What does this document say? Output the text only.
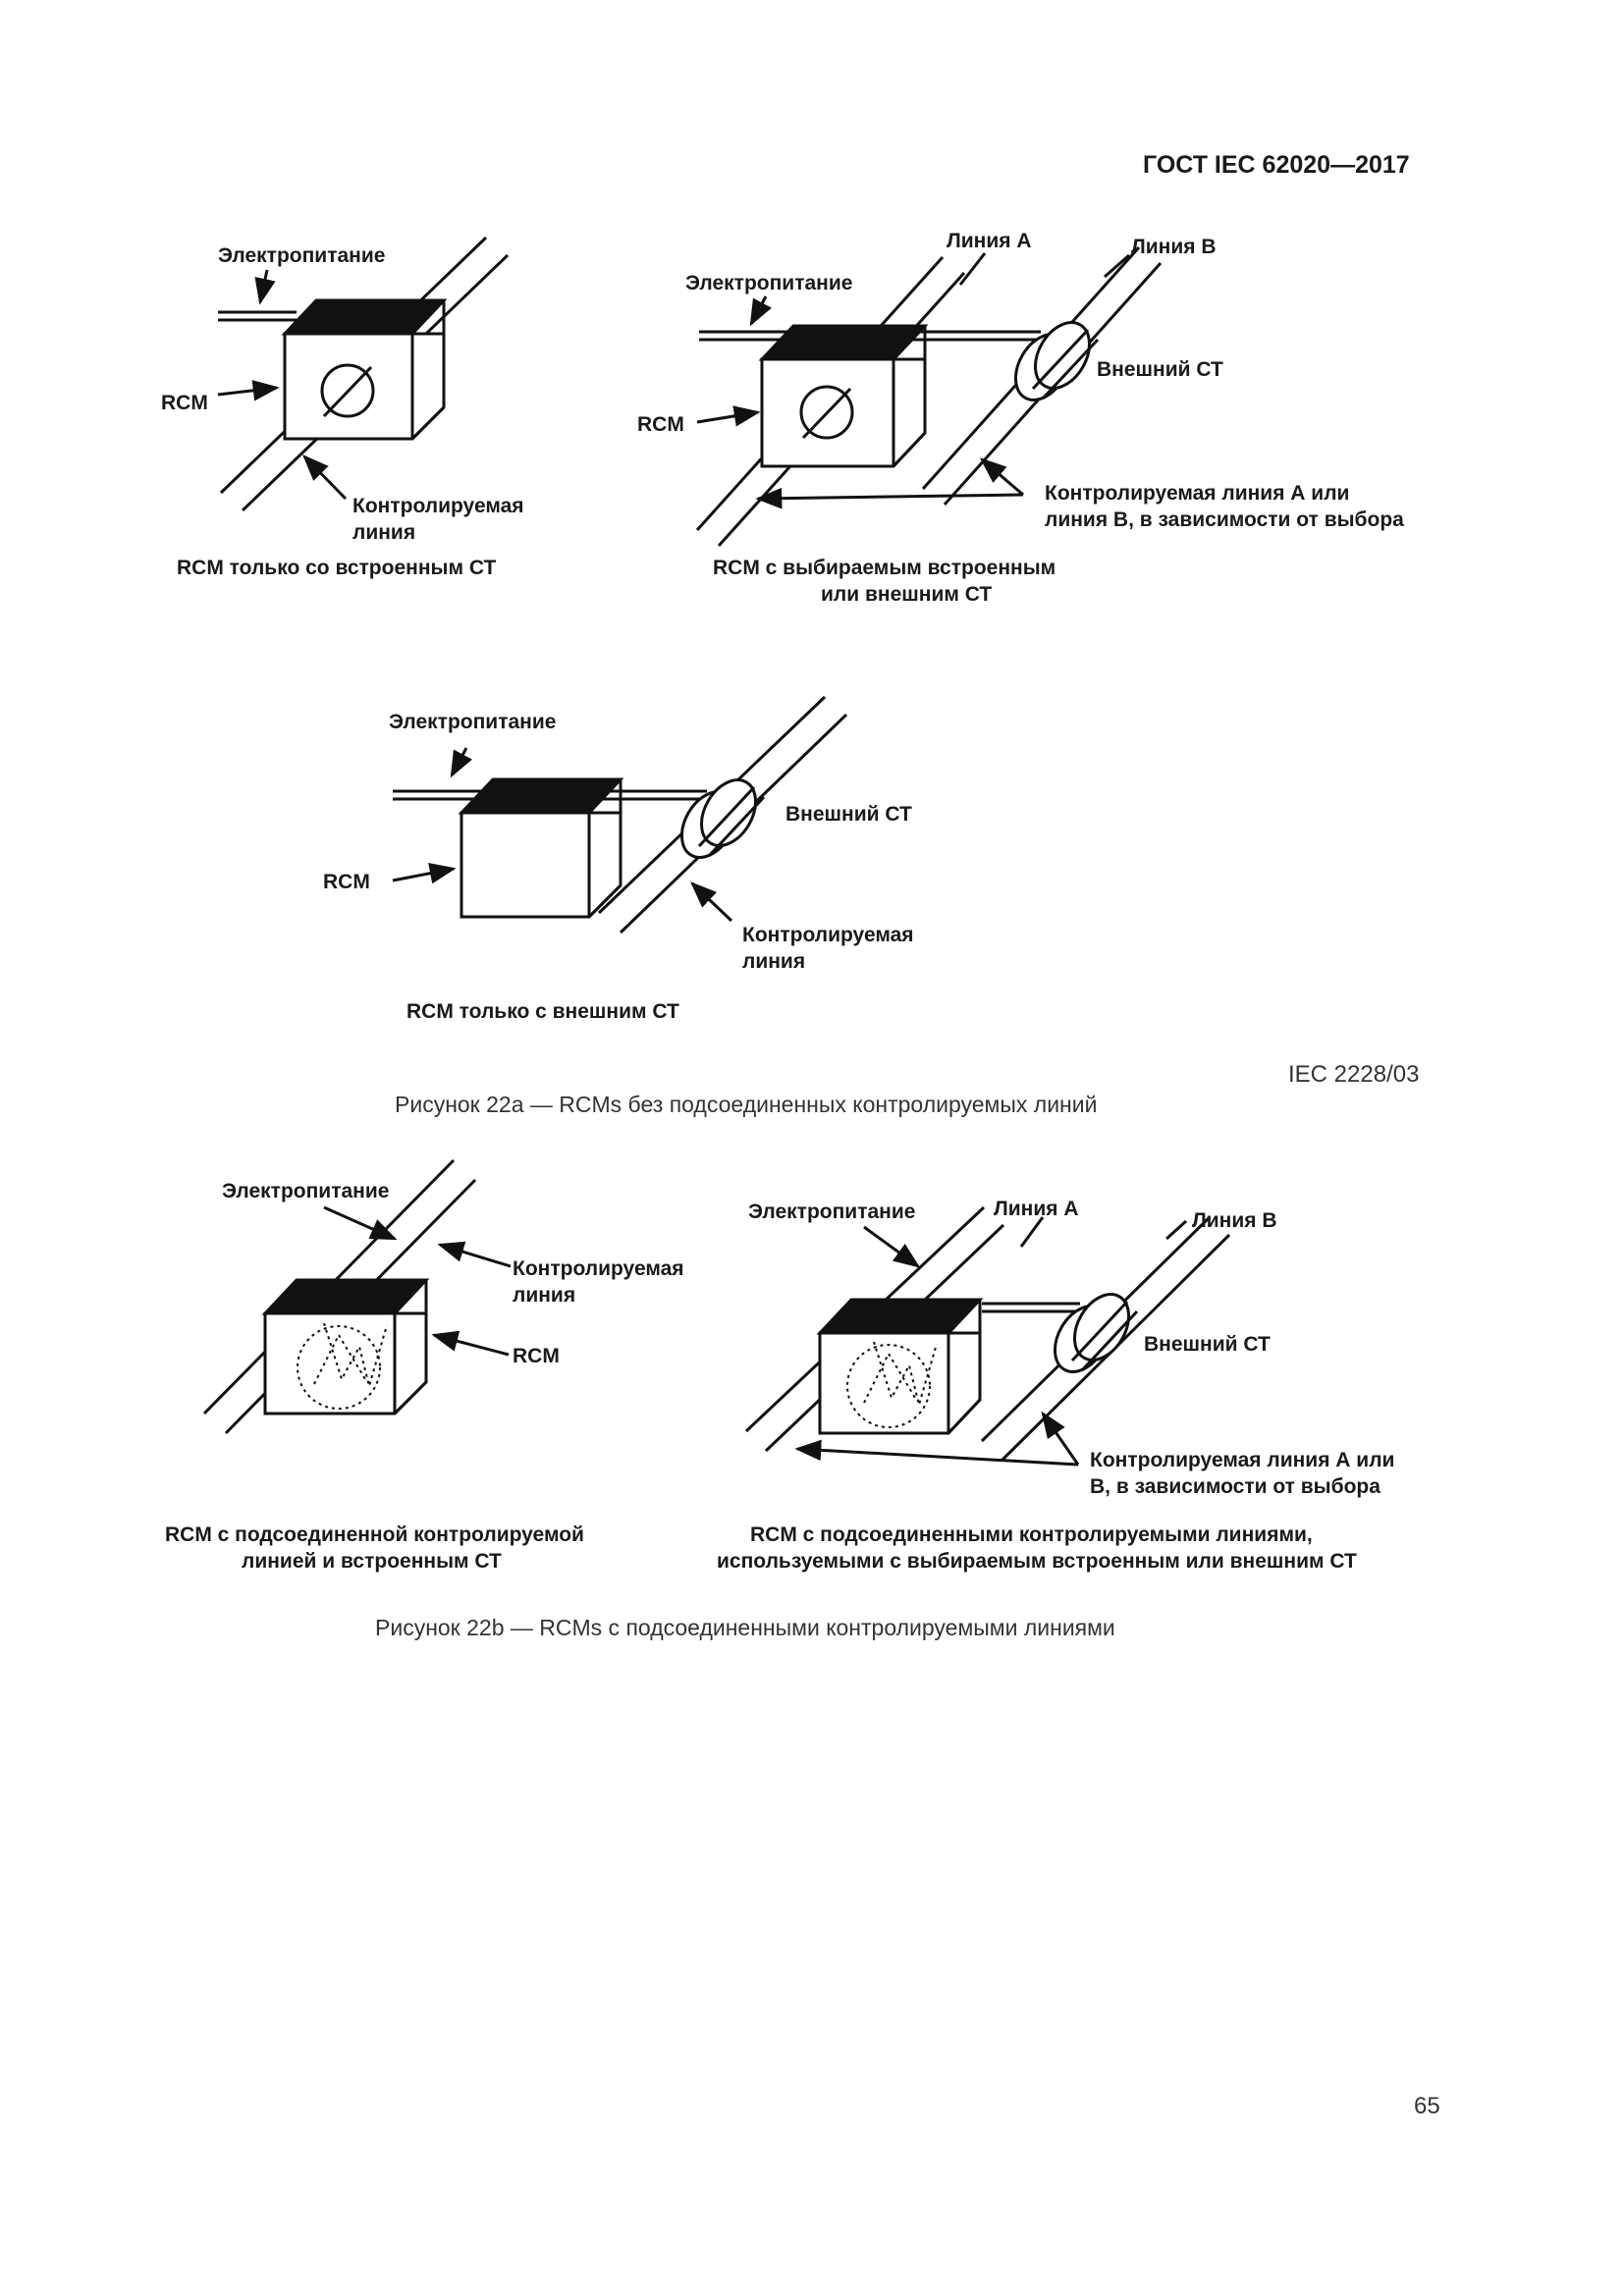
ГОСТ IEC 62020—2017
Электропитание
RCM
Контролируемая
линия
RCM только со встроенным СТ
Линия А	Линия В
Электропитание
Внешний СТ
RCM
Контролируемая линия А или
линия В, в зависимости от выбора
RCM с выбираемым встроенным
или внешним СТ
Электропитание
Внешний СТ
RCM
Контролируемая
линия
RCM только с внешним СТ
IEC 2228/03
Рисунок 22а — RCMs без подсоединенных контролируемых линий
Электропитание
Контролируемая
линия
RCM
RCM с подсоединенной контролируемой
линией и встроенным СТ
Электропитание	Линия А
Линия В
Внешний СТ
Контролируемая линия А или
В, в зависимости от выбора
RCM с подсоединенными контролируемыми линиями,
используемыми с выбираемым встроенным или внешним СТ
Рисунок 22b — RCMs с подсоединенными контролируемыми линиями
65
